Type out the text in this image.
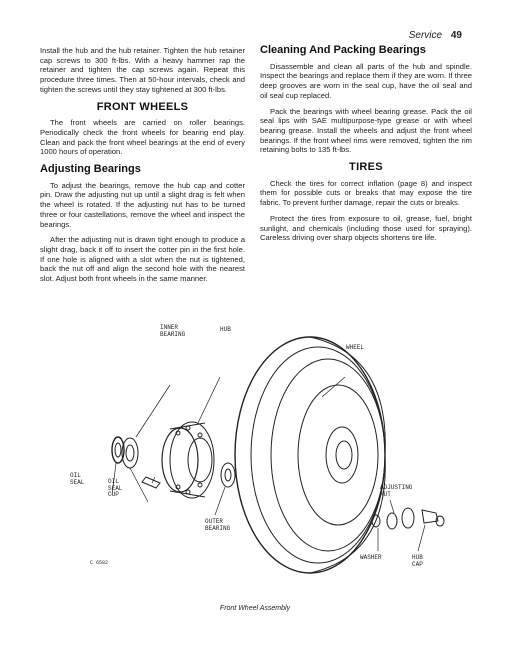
Service 49

Install the hub and the hub retainer. Tighten the hub retainer cap screws to 300 ft-lbs. With a heavy hammer rap the retainer and tighten the cap screws again. Repeat this procedure three times. Then at 50-hour intervals, check and tighten the screws until they stay tightened at 300 ft-lbs.

FRONT WHEELS

The front wheels are carried on roller bearings. Periodically check the front wheels for bearing end play. Clean and pack the front wheel bearings at the end of every 1000 hours of operation.

Adjusting Bearings

To adjust the bearings, remove the hub cap and cotter pin. Draw the adjusting nut up until a slight drag is felt when the wheel is rotated. If the adjusting nut has to be turned three or four castellations, remove the wheel and inspect the bearings.

After the adjusting nut is drawn tight enough to produce a slight drag, back it off to insert the cotter pin in the first hole. If one hole is aligned with a slot when the nut is tightened, back the nut off and align the second hole with the nearest slot. Adjust both front wheels in the same manner.

Cleaning And Packing Bearings

Disassemble and clean all parts of the hub and spindle. Inspect the bearings and replace them if they are worn. If three deep grooves are worn in the seal cup, have the oil seal and oil seal cup replaced.

Pack the bearings with wheel bearing grease. Pack the oil seal lips with SAE multipurpose-type grease or with wheel bearing grease. Install the wheels and adjust the front wheel bearings. If the front wheel rims were removed, tighten the rim retaining bolts to 135 ft-lbs.

TIRES

Check the tires for correct inflation (page 8) and inspect them for possible cuts or breaks that may expose the tire fabric. To prevent further damage, repair the cuts or breaks.

Protect the tires from exposure to oil, grease, fuel, bright sunlight, and chemicals (including those used for spraying). Careless driving over sharp objects shortens tire life.

INNER
BEARING
HUB
WHEEL
OIL
SEAL	OIL
SEAL
CUP
OUTER
BEARING
ADJUSTING
NUT
WASHER	HUB
CAP
C 6582
Front Wheel Assembly
